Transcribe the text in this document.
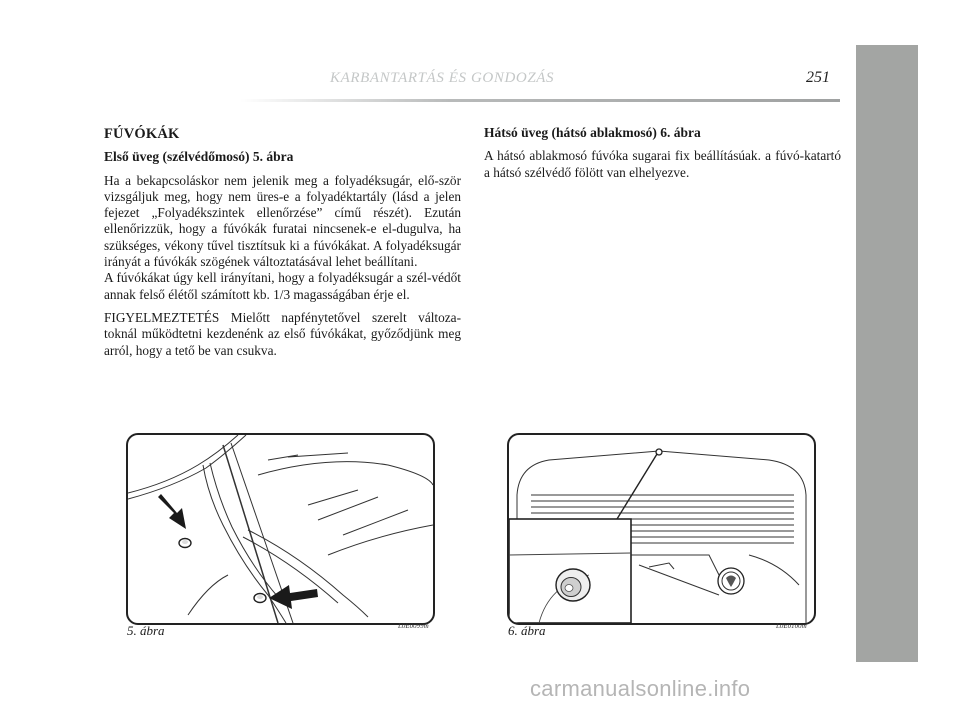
KARBANTARTÁS ÉS GONDOZÁS	251
FÚVÓKÁK
Első üveg (szélvédőmosó) 5. ábra

Ha a bekapcsoláskor nem jelenik meg a folyadéksugár, elő-ször vizsgáljuk meg, hogy nem üres-e a folyadéktartály (lásd a jelen fejezet „Folyadékszintek ellenőrzése” című részét). Ezután ellenőrizzük, hogy a fúvókák furatai nincsenek-e el-dugulva, ha szükséges, vékony tűvel tisztítsuk ki a fúvókákat. A folyadéksugár irányát a fúvókák szögének változtatásával lehet beállítani.

A fúvókákat úgy kell irányítani, hogy a folyadéksugár a szél-védőt annak felső élétől számított kb. 1/3 magasságában érje el.

FIGYELMEZTETÉS Mielőtt napfénytetővel szerelt változa-toknál működtetni kezdenénk az első fúvókákat, győződjünk meg arról, hogy a tető be van csukva.

Hátsó üveg (hátsó ablakmosó) 6. ábra

A hátsó ablakmosó fúvóka sugarai fix beállításúak. a fúvó-katartó a hátsó szélvédő fölött van elhelyezve.

5. ábra	L0E0099m	6. ábra	L0E0100m
carmanualsonline.info
